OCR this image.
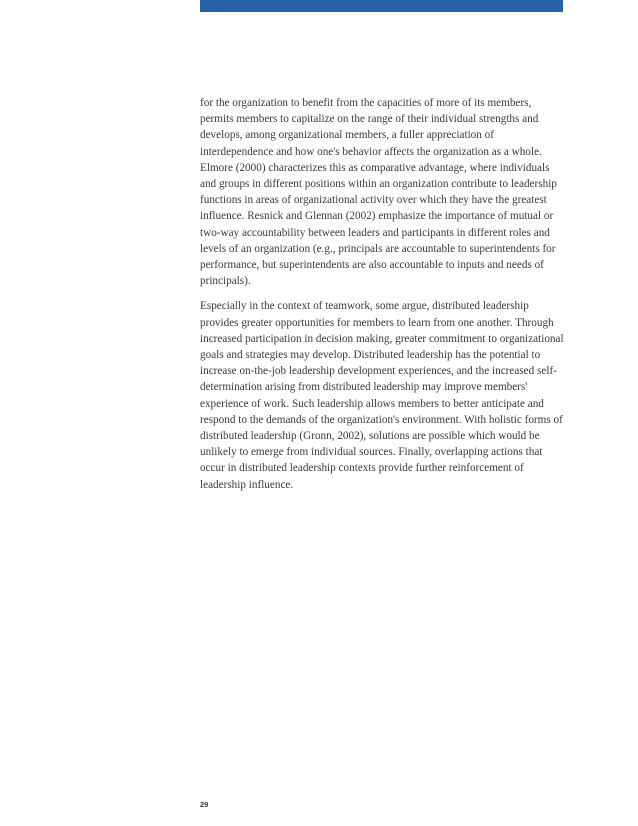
for the organization to benefit from the capacities of more of its members, permits members to capitalize on the range of their individual strengths and develops, among organizational members, a fuller appreciation of interdependence and how one's behavior affects the organization as a whole. Elmore (2000) characterizes this as comparative advantage, where individuals and groups in different positions within an organization contribute to leadership functions in areas of organizational activity over which they have the greatest influence. Resnick and Glennan (2002) emphasize the importance of mutual or two-way accountability between leaders and participants in different roles and levels of an organization (e.g., principals are accountable to superintendents for performance, but superintendents are also accountable to inputs and needs of principals).

Especially in the context of teamwork, some argue, distributed leadership provides greater opportunities for members to learn from one another. Through increased participation in decision making, greater commitment to organizational goals and strategies may develop. Distributed leadership has the potential to increase on-the-job leadership development experiences, and the increased self-determination arising from distributed leadership may improve members' experience of work. Such leadership allows members to better anticipate and respond to the demands of the organization's environment. With holistic forms of distributed leadership (Gronn, 2002), solutions are possible which would be unlikely to emerge from individual sources. Finally, overlapping actions that occur in distributed leadership contexts provide further reinforcement of leadership influence.

29
